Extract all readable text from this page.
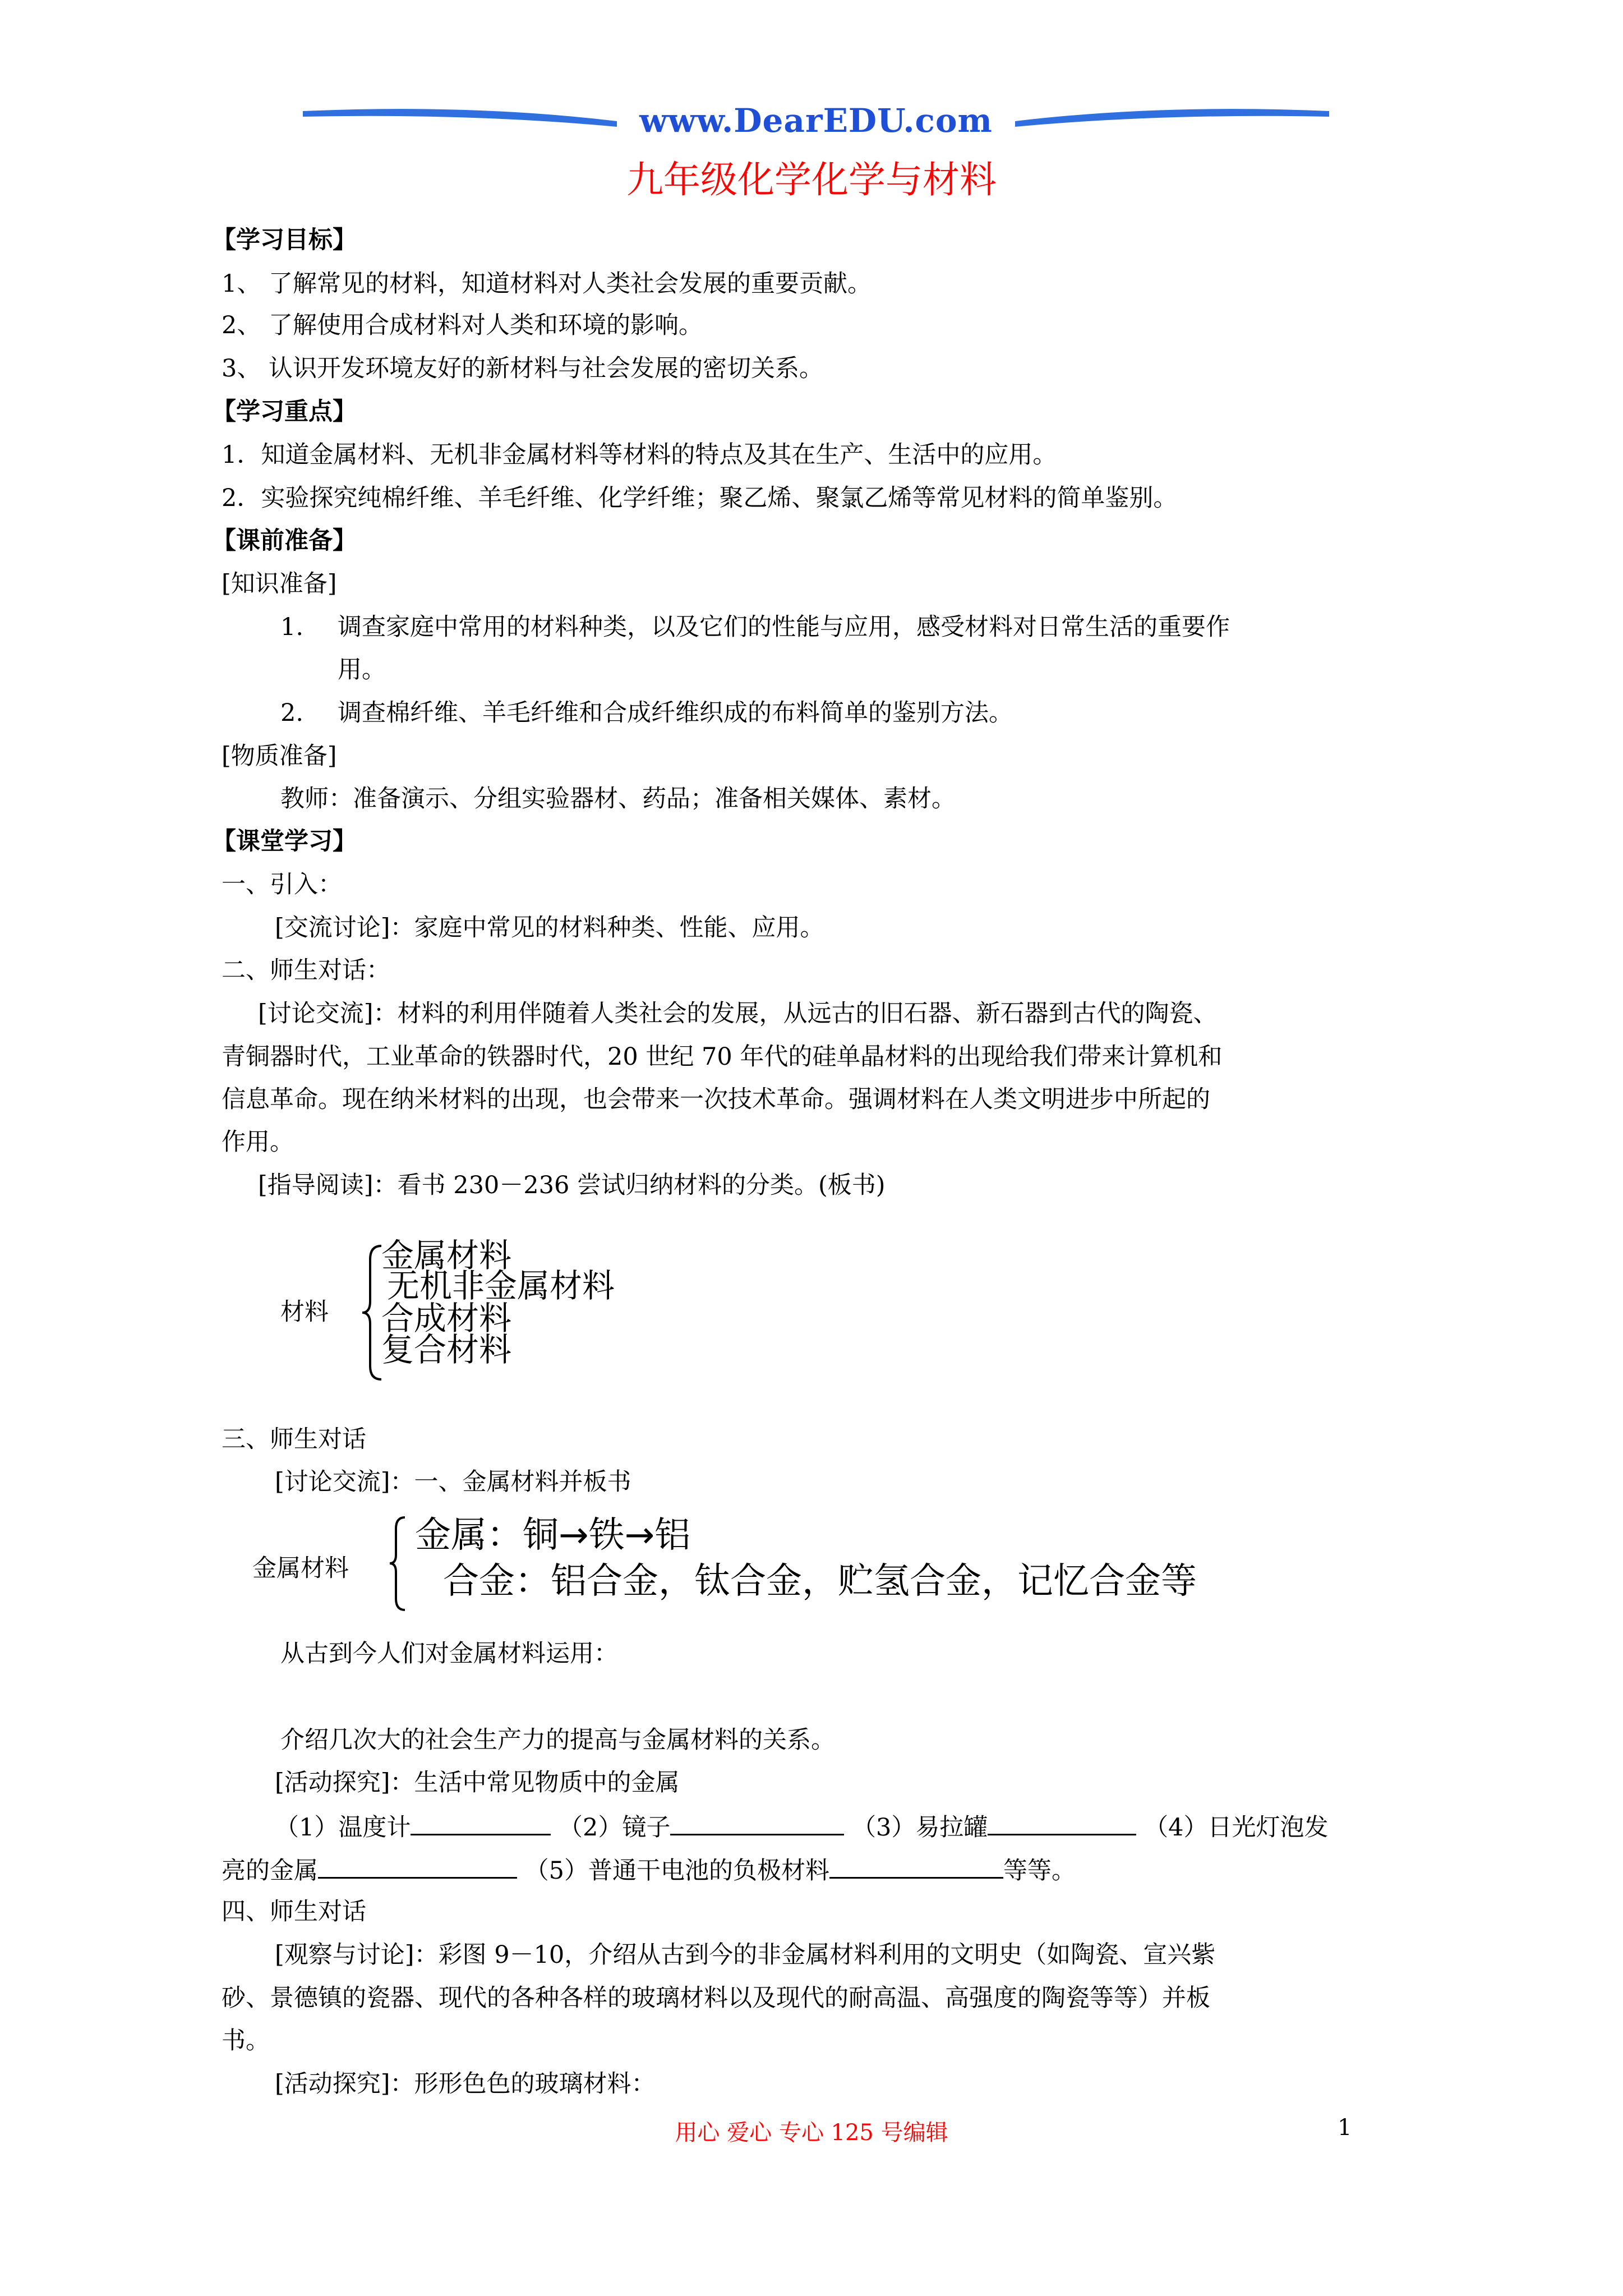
www.DearEDU.com
九年级化学化学与材料
【学习目标】
1、 了解常见的材料，知道材料对人类社会发展的重要贡献。
2、 了解使用合成材料对人类和环境的影响。
3、 认识开发环境友好的新材料与社会发展的密切关系。
【学习重点】
1．知道金属材料、无机非金属材料等材料的特点及其在生产、生活中的应用。
2．实验探究纯棉纤维、羊毛纤维、化学纤维；聚乙烯、聚氯乙烯等常见材料的简单鉴别。
【课前准备】
[知识准备]
1. 调查家庭中常用的材料种类，以及它们的性能与应用，感受材料对日常生活的重要作
用。
2. 调查棉纤维、羊毛纤维和合成纤维织成的布料简单的鉴别方法。
[物质准备]
教师：准备演示、分组实验器材、药品；准备相关媒体、素材。
【课堂学习】
一、引入：
[交流讨论]：家庭中常见的材料种类、性能、应用。
二、师生对话：
[讨论交流]：材料的利用伴随着人类社会的发展，从远古的旧石器、新石器到古代的陶瓷、
青铜器时代，工业革命的铁器时代，20 世纪 70 年代的硅单晶材料的出现给我们带来计算机和
信息革命。现在纳米材料的出现，也会带来一次技术革命。强调材料在人类文明进步中所起的
作用。
[指导阅读]：看书 230－236 尝试归纳材料的分类。(板书)
材料
金属材料
无机非金属材料
合成材料
复合材料
三、师生对话
[讨论交流]：一、金属材料并板书
金属材料
金属：铜→铁→铝
合金：铝合金，钛合金，贮氢合金，记忆合金等
从古到今人们对金属材料运用：
介绍几次大的社会生产力的提高与金属材料的关系。
[活动探究]：生活中常见物质中的金属
（1）温度计	（2）镜子	（3）易拉罐	（4）日光灯泡发
亮的金属	（5）普通干电池的负极材料	等等。
四、师生对话
[观察与讨论]：彩图 9－10，介绍从古到今的非金属材料利用的文明史（如陶瓷、宣兴紫
砂、景德镇的瓷器、现代的各种各样的玻璃材料以及现代的耐高温、高强度的陶瓷等等）并板
书。
[活动探究]：形形色色的玻璃材料：
用心 爱心 专心 125 号编辑	1
